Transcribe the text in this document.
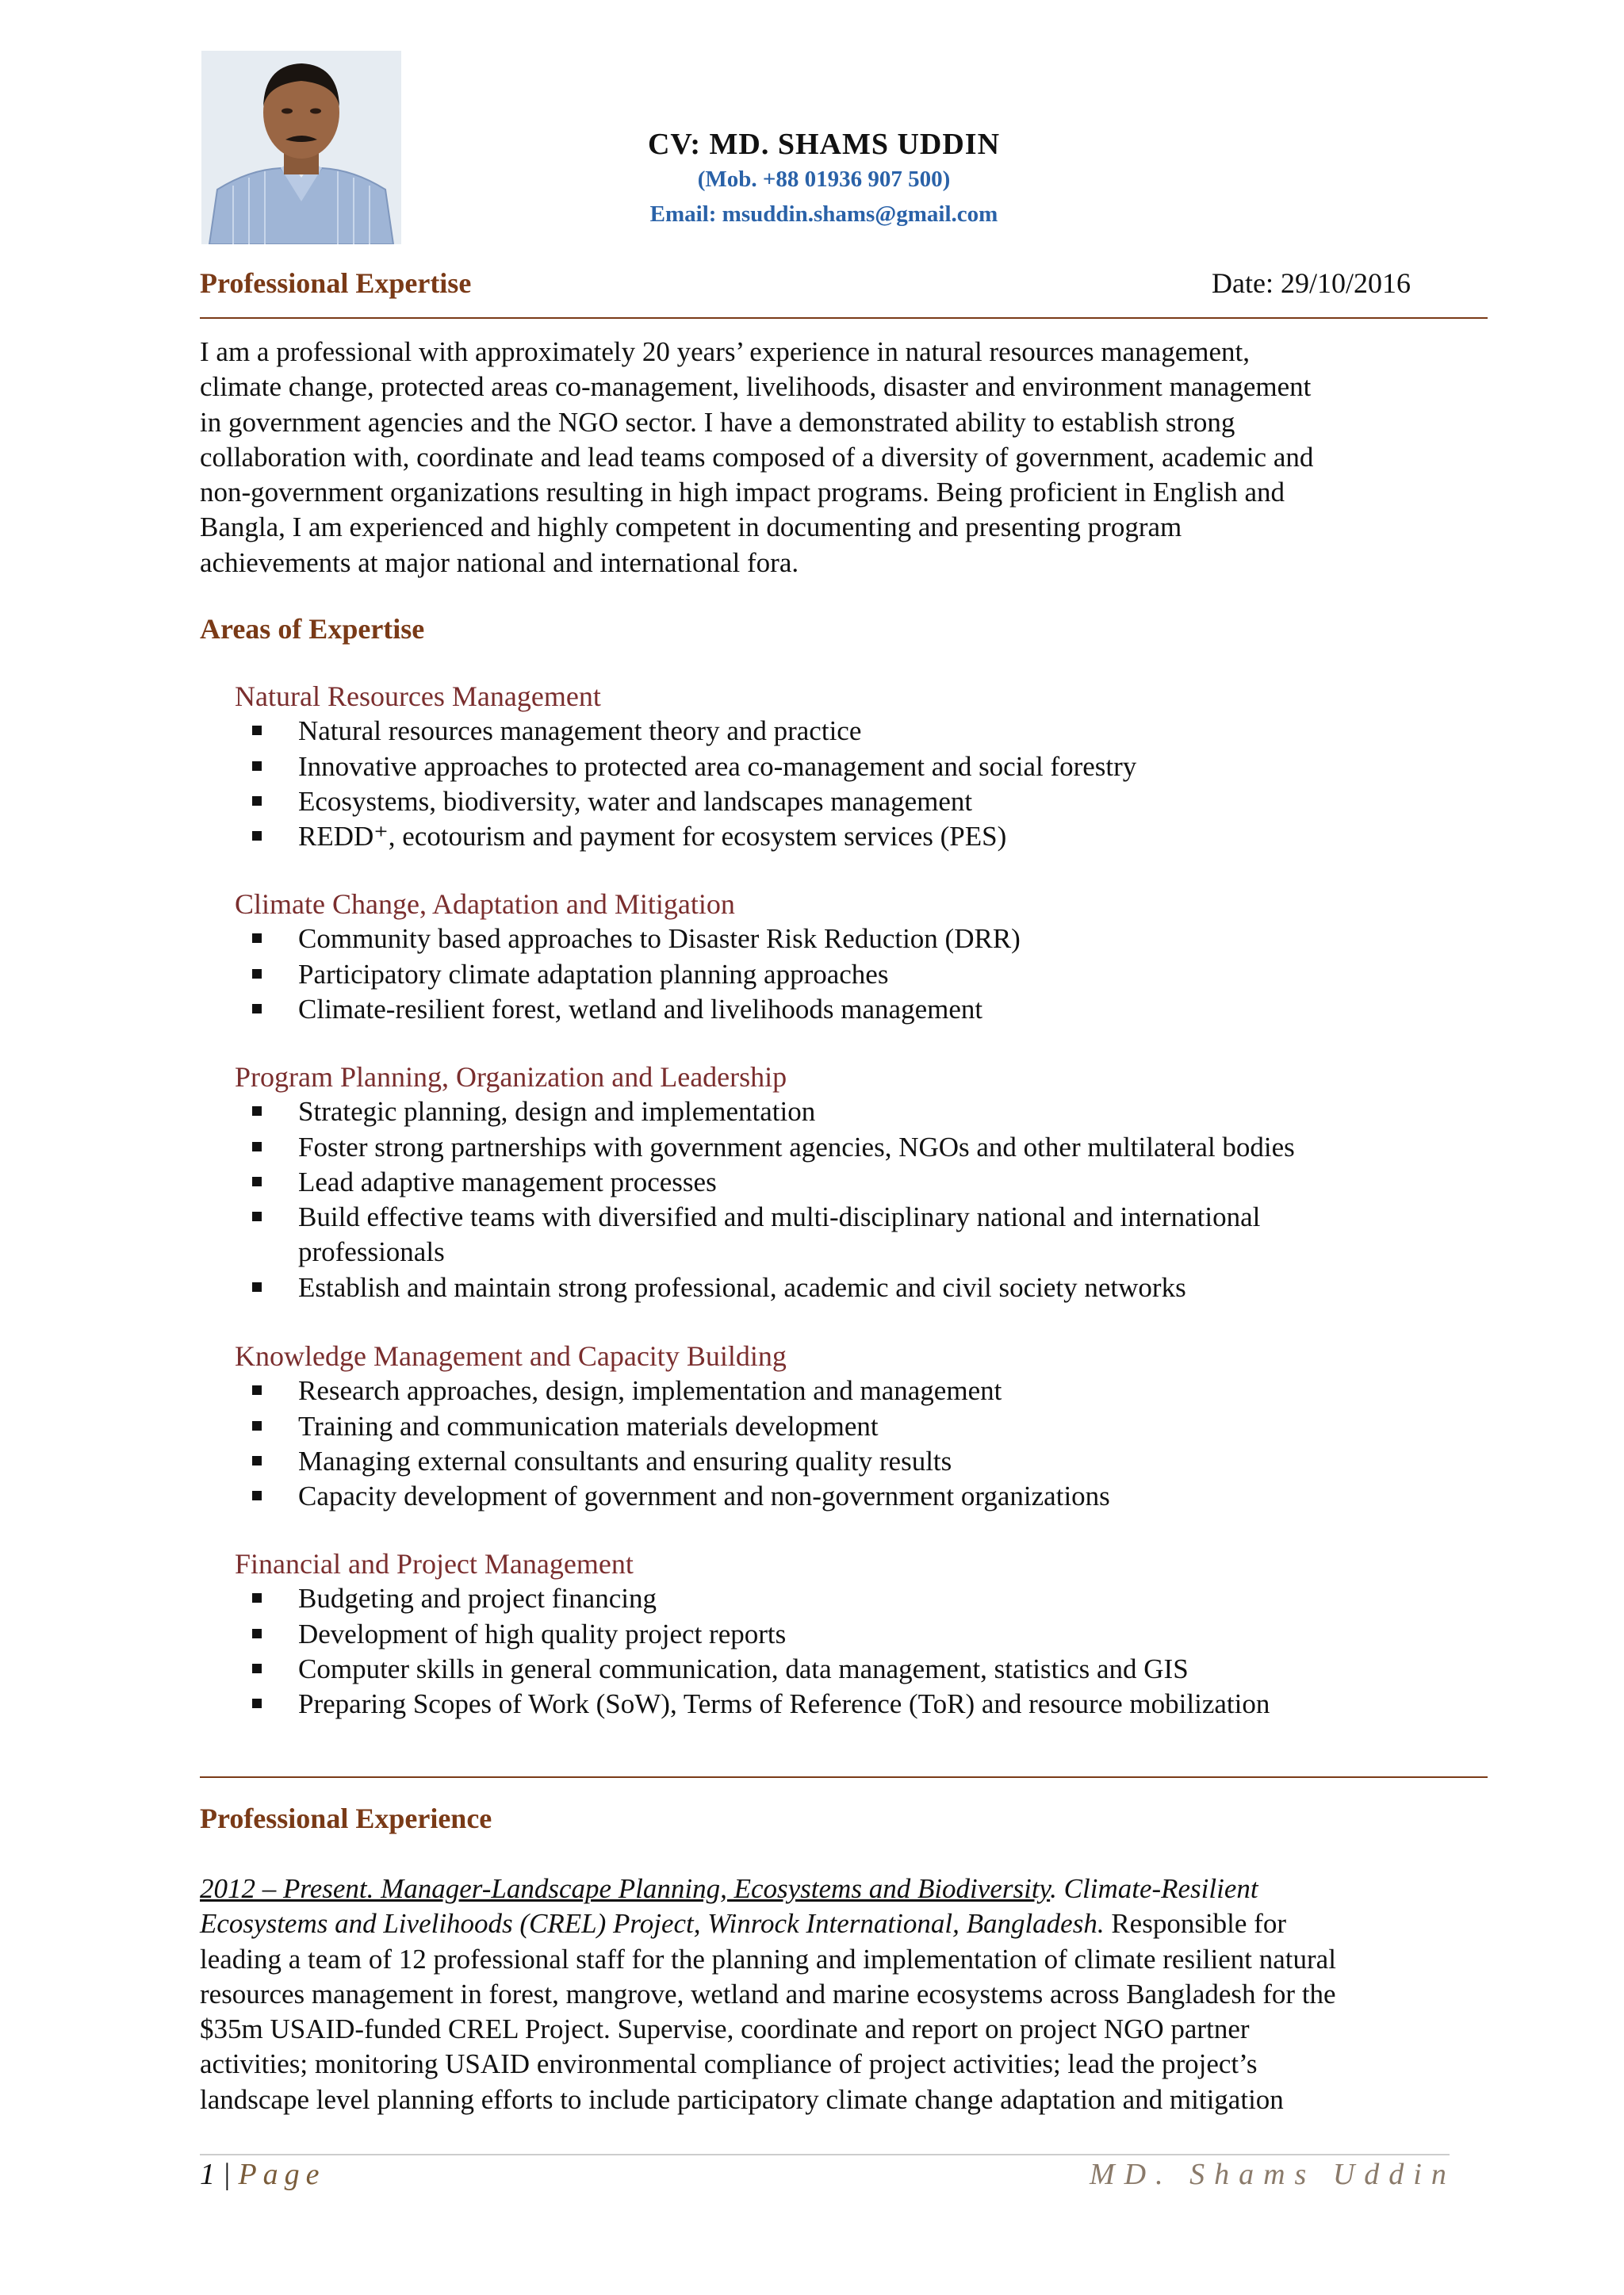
CV: MD. SHAMS UDDIN
(Mob. +88 01936 907 500)
Email: msuddin.shams@gmail.com
Professional Expertise	Date: 29/10/2016

I am a professional with approximately 20 years’ experience in natural resources management,
climate change, protected areas co-management, livelihoods, disaster and environment management
in government agencies and the NGO sector. I have a demonstrated ability to establish strong
collaboration with, coordinate and lead teams composed of a diversity of government, academic and
non-government organizations resulting in high impact programs. Being proficient in English and
Bangla, I am experienced and highly competent in documenting and presenting program
achievements at major national and international fora.

Areas of Expertise
Natural Resources Management
Natural resources management theory and practice
Innovative approaches to protected area co-management and social forestry
Ecosystems, biodiversity, water and landscapes management
REDD⁺, ecotourism and payment for ecosystem services (PES)
Climate Change, Adaptation and Mitigation
Community based approaches to Disaster Risk Reduction (DRR)
Participatory climate adaptation planning approaches
Climate-resilient forest, wetland and livelihoods management
Program Planning, Organization and Leadership
Strategic planning, design and implementation
Foster strong partnerships with government agencies, NGOs and other multilateral bodies
Lead adaptive management processes
Build effective teams with diversified and multi-disciplinary national and international
professionals
Establish and maintain strong professional, academic and civil society networks
Knowledge Management and Capacity Building
Research approaches, design, implementation and management
Training and communication materials development
Managing external consultants and ensuring quality results
Capacity development of government and non-government organizations
Financial and Project Management
Budgeting and project financing
Development of high quality project reports
Computer skills in general communication, data management, statistics and GIS
Preparing Scopes of Work (SoW), Terms of Reference (ToR) and resource mobilization
Professional Experience

2012 – Present. Manager-Landscape Planning, Ecosystems and Biodiversity. Climate-Resilient
Ecosystems and Livelihoods (CREL) Project, Winrock International, Bangladesh. Responsible for
leading a team of 12 professional staff for the planning and implementation of climate resilient natural
resources management in forest, mangrove, wetland and marine ecosystems across Bangladesh for the
$35m USAID-funded CREL Project. Supervise, coordinate and report on project NGO partner
activities; monitoring USAID environmental compliance of project activities; lead the project’s
landscape level planning efforts to include participatory climate change adaptation and mitigation

1 | Page	MD. Shams Uddin
